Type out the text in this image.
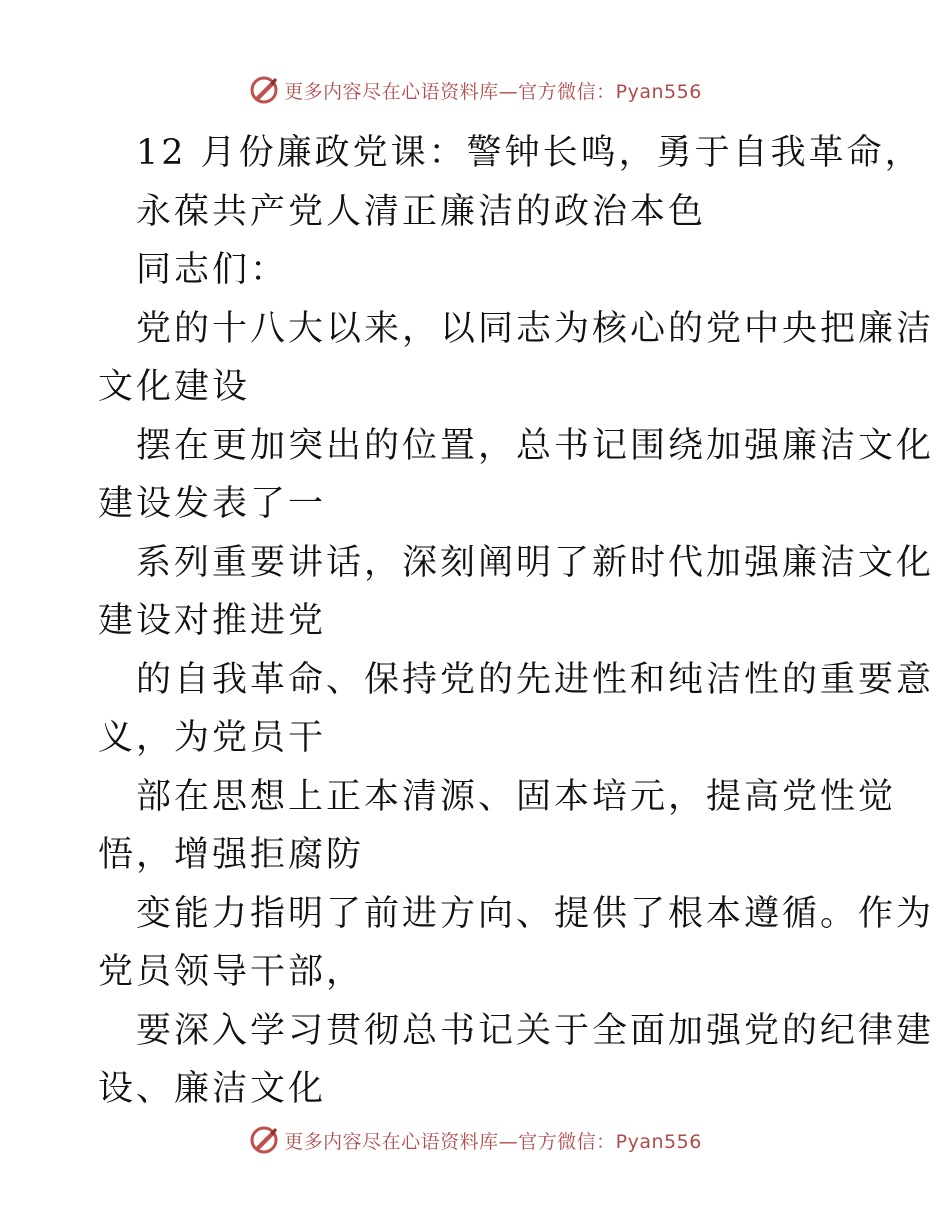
更多内容尽在心语资料库—官方微信：Pyan556
12 月份廉政党课：警钟长鸣，勇于自我革命，
永葆共产党人清正廉洁的政治本色
同志们：
党的十八大以来，以同志为核心的党中央把廉洁
文化建设
摆在更加突出的位置，总书记围绕加强廉洁文化
建设发表了一
系列重要讲话，深刻阐明了新时代加强廉洁文化
建设对推进党
的自我革命、保持党的先进性和纯洁性的重要意
义，为党员干
部在思想上正本清源、固本培元，提高党性觉
悟，增强拒腐防
变能力指明了前进方向、提供了根本遵循。作为
党员领导干部，
要深入学习贯彻总书记关于全面加强党的纪律建
设、廉洁文化
更多内容尽在心语资料库—官方微信：Pyan556
